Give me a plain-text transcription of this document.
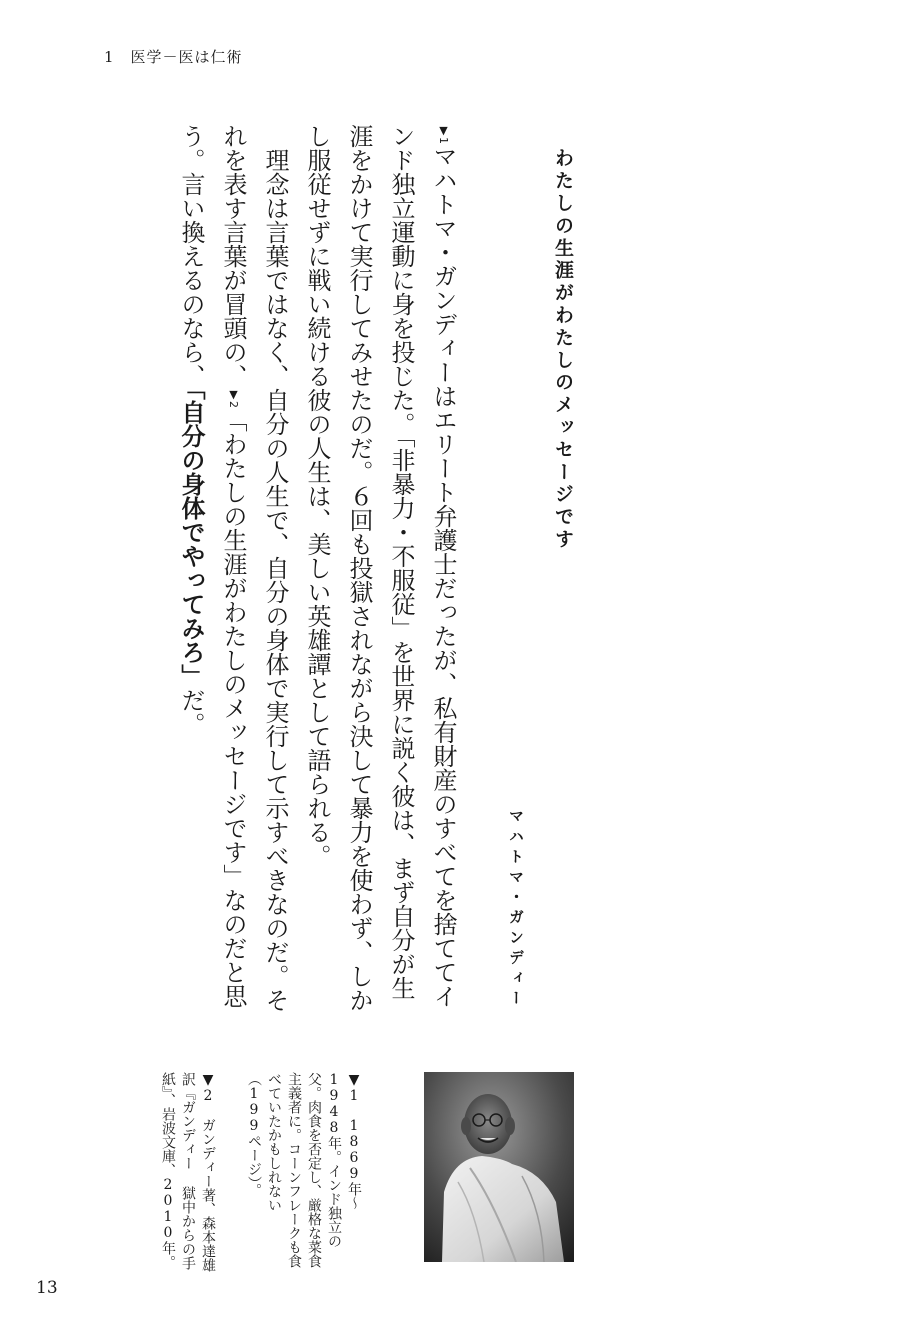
1　医学－医は仁術
わたしの生涯がわたしのメッセージです
マハトマ・ガンディー

▼1マハトマ・ガンディーはエリート弁護士だったが、私有財産のすべてを捨ててインド独立運動に身を投じた。「非暴力・不服従」を世界に説く彼は、まず自分が生涯をかけて実行してみせたのだ。６回も投獄されながら決して暴力を使わず、しかし服従せずに戦い続ける彼の人生は、美しい英雄譚として語られる。

理念は言葉ではなく、自分の人生で、自分の身体で実行して示すべきなのだ。それを表す言葉が冒頭の、▼2「わたしの生涯がわたしのメッセージです」なのだと思う。言い換えるのなら、「自分の身体でやってみろ」だ。

▼1　1869年～1948年。インド独立の父。肉食を否定し、厳格な菜食主義者に。コーンフレークも食べていたかもしれない（199ページ）。

▼2　ガンディー著、森本達雄訳『ガンディー 獄中からの手紙』、岩波文庫、2010年。

13
